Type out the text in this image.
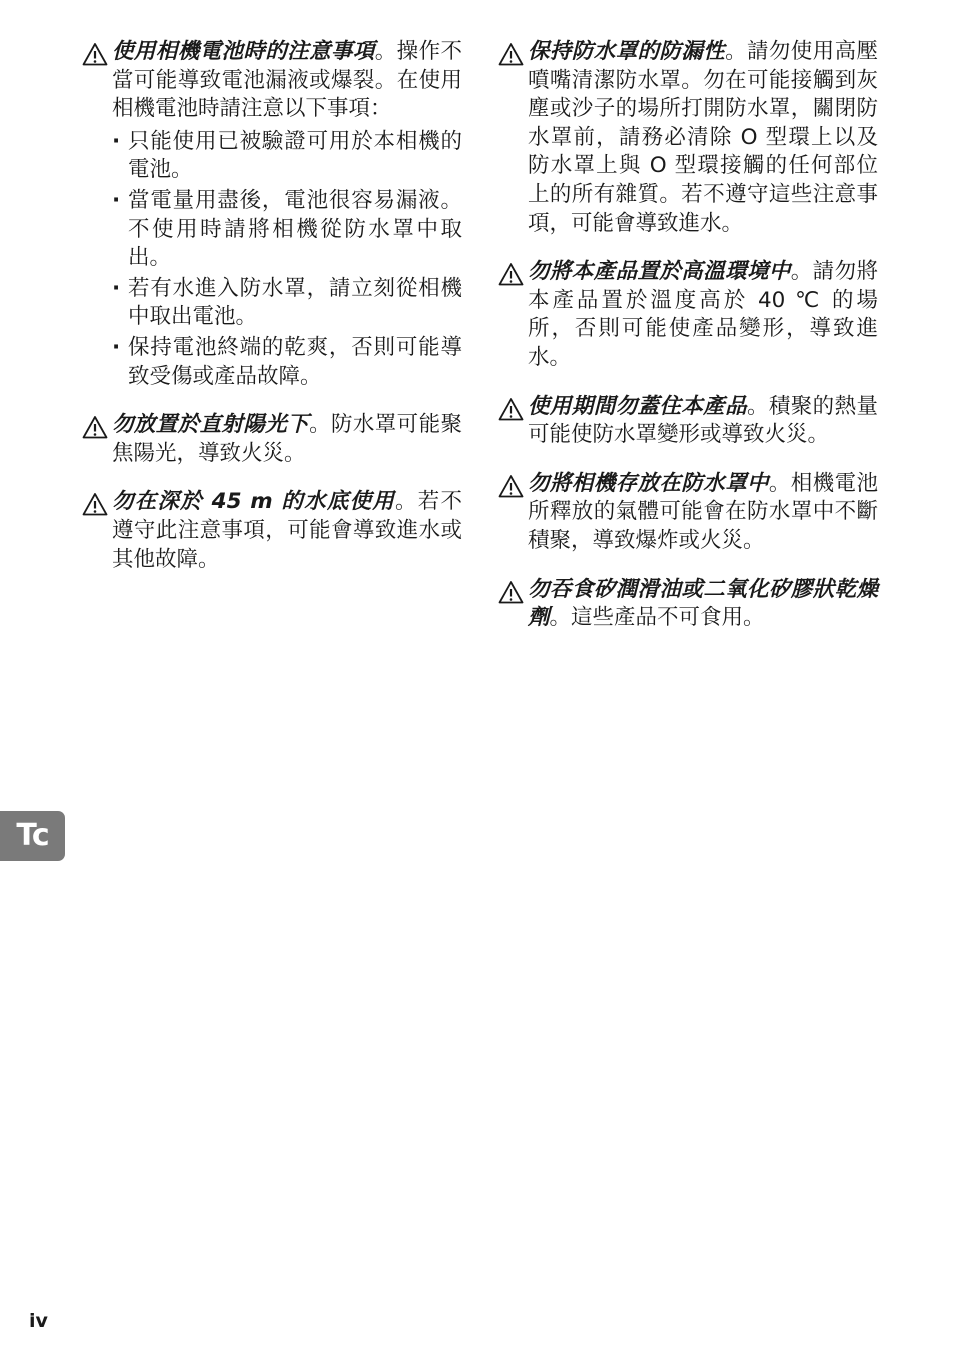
使用相機電池時的注意事項。操作不當可能導致電池漏液或爆裂。在使用相機電池時請注意以下事項：
· 只能使用已被驗證可用於本相機的電池。
· 當電量用盡後，電池很容易漏液。不使用時請將相機從防水罩中取出。
· 若有水進入防水罩，請立刻從相機中取出電池。
· 保持電池終端的乾爽，否則可能導致受傷或產品故障。
勿放置於直射陽光下。防水罩可能聚焦陽光，導致火災。
勿在深於 45 m 的水底使用。若不遵守此注意事項，可能會導致進水或其他故障。
保持防水罩的防漏性。請勿使用高壓噴嘴清潔防水罩。勿在可能接觸到灰塵或沙子的場所打開防水罩，關閉防水罩前，請務必清除 O 型環上以及防水罩上與 O 型環接觸的任何部位上的所有雜質。若不遵守這些注意事項，可能會導致進水。
勿將本產品置於高溫環境中。請勿將本產品置於溫度高於 40 ℃ 的場所，否則可能使產品變形，導致進水。
使用期間勿蓋住本產品。積聚的熱量可能使防水罩變形或導致火災。
勿將相機存放在防水罩中。相機電池所釋放的氣體可能會在防水罩中不斷積聚，導致爆炸或火災。
勿吞食矽潤滑油或二氧化矽膠狀乾燥劑。這些產品不可食用。
Tc
iv
